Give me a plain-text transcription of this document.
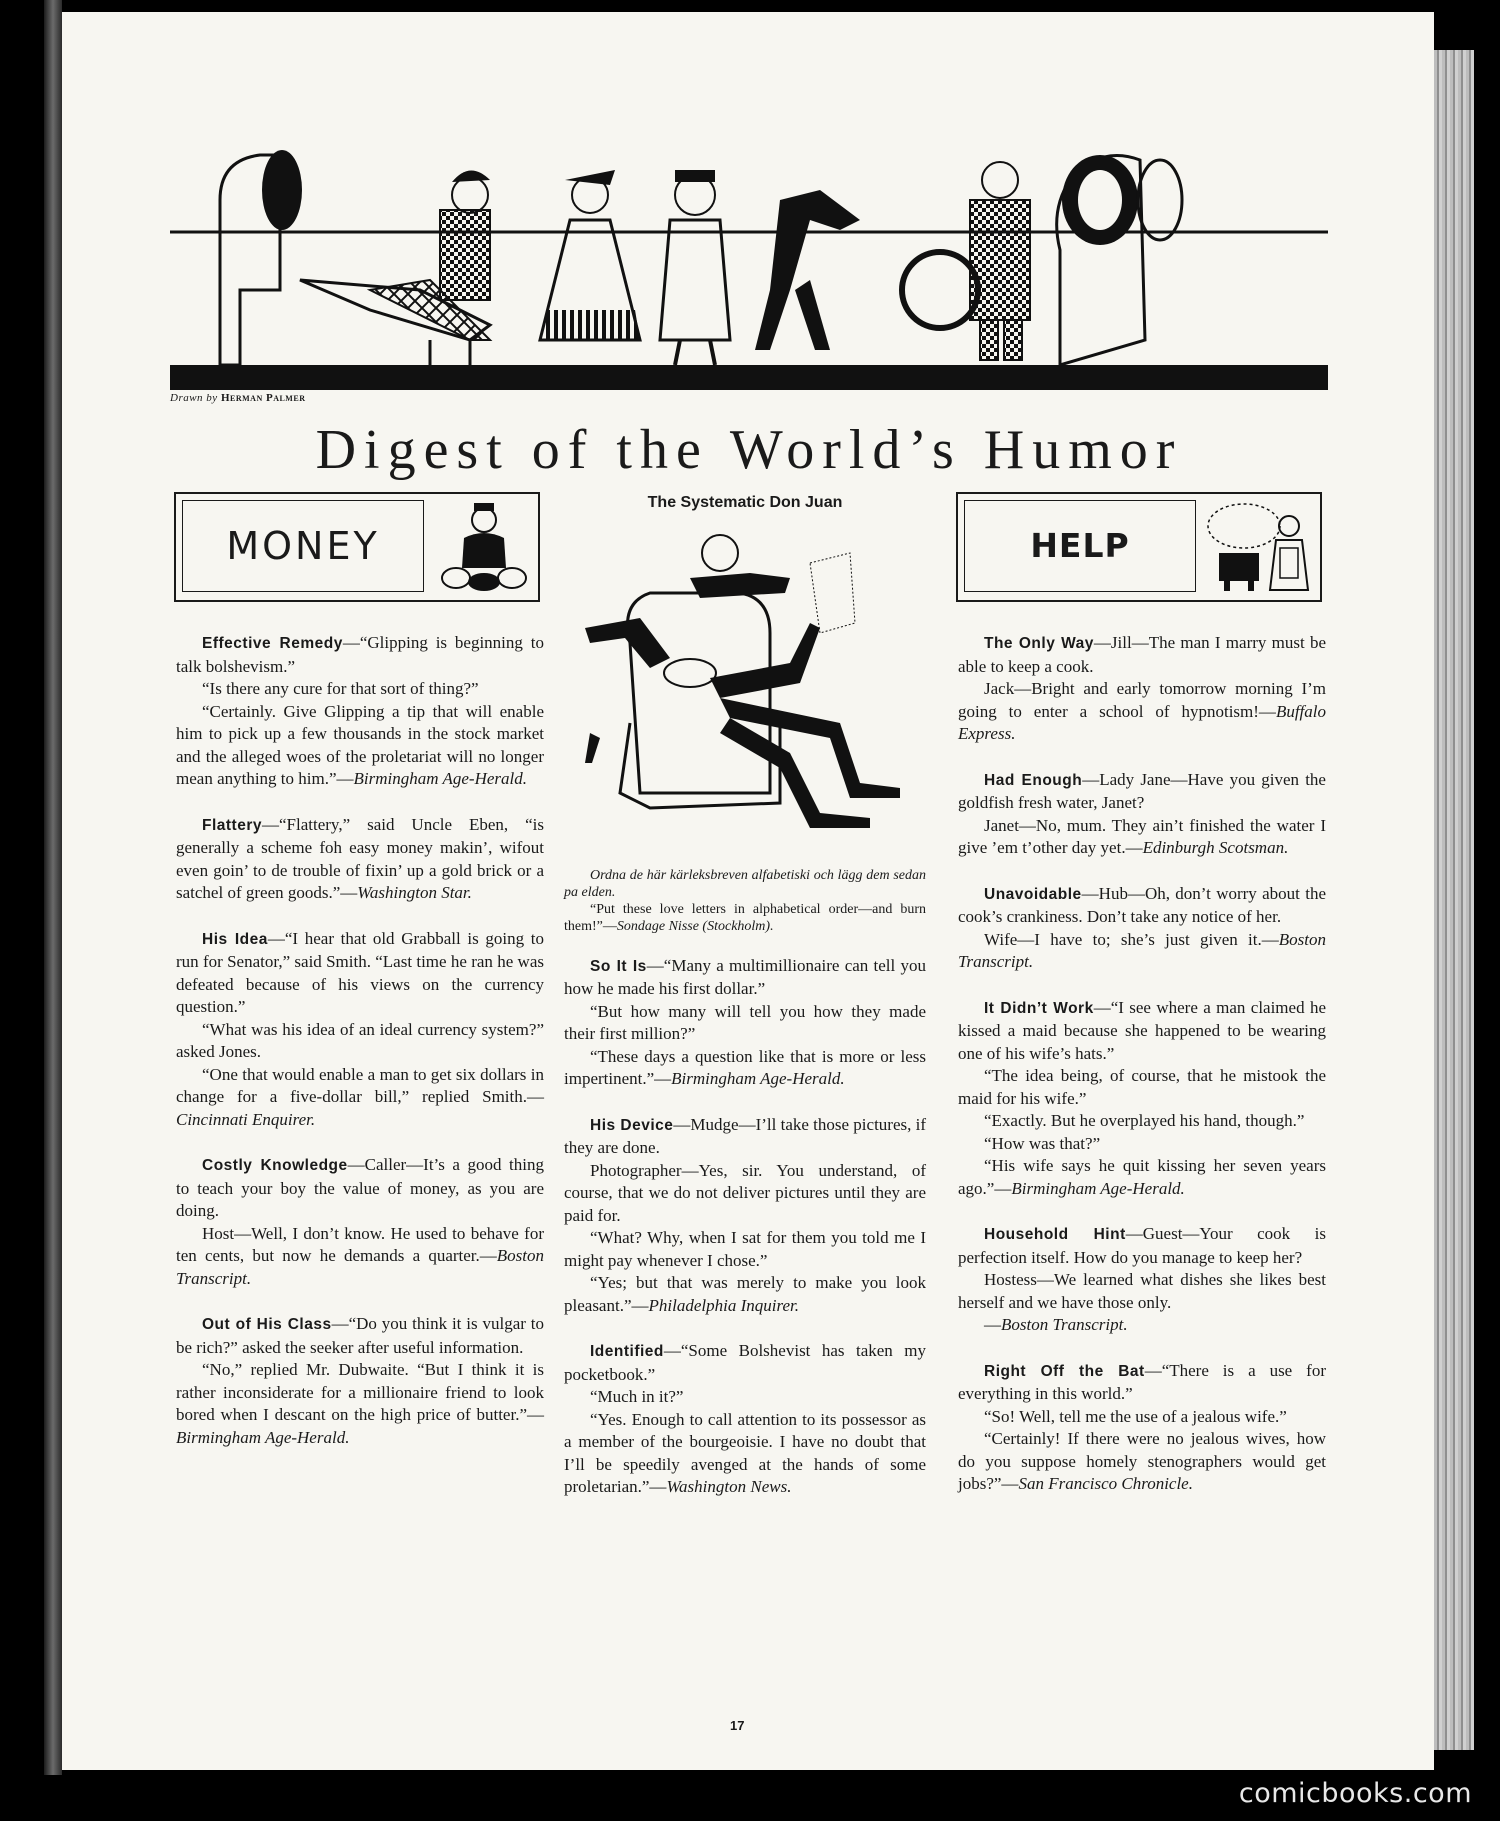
Drawn by Herman Palmer
Digest of the World’s Humor
MONEY

Effective Remedy—“Glipping is beginning to talk bolshevism.”

“Is there any cure for that sort of thing?”

“Certainly. Give Glipping a tip that will enable him to pick up a few thousands in the stock market and the alleged woes of the proletariat will no longer mean anything to him.”—Birmingham Age-Herald.

Flattery—“Flattery,” said Uncle Eben, “is generally a scheme foh easy money makin’, wifout even goin’ to de trouble of fixin’ up a gold brick or a satchel of green goods.”—Washington Star.

His Idea—“I hear that old Grabball is going to run for Senator,” said Smith. “Last time he ran he was defeated because of his views on the currency question.”

“What was his idea of an ideal currency system?” asked Jones.

“One that would enable a man to get six dollars in change for a five-dollar bill,” replied Smith.—Cincinnati Enquirer.

Costly Knowledge—Caller—It’s a good thing to teach your boy the value of money, as you are doing.

Host—Well, I don’t know. He used to behave for ten cents, but now he demands a quarter.—Boston Transcript.

Out of His Class—“Do you think it is vulgar to be rich?” asked the seeker after useful information.

“No,” replied Mr. Dubwaite. “But I think it is rather inconsiderate for a millionaire friend to look bored when I descant on the high price of butter.”—Birmingham Age-Herald.

The Systematic Don Juan

Ordna de här kärleksbreven alfabetiski och lägg dem sedan pa elden.

“Put these love letters in alphabetical order—and burn them!”—Sondage Nisse (Stockholm).

So It Is—“Many a multimillionaire can tell you how he made his first dollar.”

“But how many will tell you how they made their first million?”

“These days a question like that is more or less impertinent.”—Birmingham Age-Herald.

His Device—Mudge—I’ll take those pictures, if they are done.

Photographer—Yes, sir. You understand, of course, that we do not deliver pictures until they are paid for.

“What? Why, when I sat for them you told me I might pay whenever I chose.”

“Yes; but that was merely to make you look pleasant.”—Philadelphia Inquirer.

Identified—“Some Bolshevist has taken my pocketbook.”

“Much in it?”

“Yes. Enough to call attention to its possessor as a member of the bourgeoisie. I have no doubt that I’ll be speedily avenged at the hands of some proletarian.”—Washington News.

HELP

The Only Way—Jill—The man I marry must be able to keep a cook.

Jack—Bright and early tomorrow morning I’m going to enter a school of hypnotism!—Buffalo Express.

Had Enough—Lady Jane—Have you given the goldfish fresh water, Janet?

Janet—No, mum. They ain’t finished the water I give ’em t’other day yet.—Edinburgh Scotsman.

Unavoidable—Hub—Oh, don’t worry about the cook’s crankiness. Don’t take any notice of her.

Wife—I have to; she’s just given it.—Boston Transcript.

It Didn’t Work—“I see where a man claimed he kissed a maid because she happened to be wearing one of his wife’s hats.”

“The idea being, of course, that he mistook the maid for his wife.”

“Exactly. But he overplayed his hand, though.”

“How was that?”

“His wife says he quit kissing her seven years ago.”—Birmingham Age-Herald.

Household Hint—Guest—Your cook is perfection itself. How do you manage to keep her?

Hostess—We learned what dishes she likes best herself and we have those only.

—Boston Transcript.

Right Off the Bat—“There is a use for everything in this world.”

“So! Well, tell me the use of a jealous wife.”

“Certainly! If there were no jealous wives, how do you suppose homely stenographers would get jobs?”—San Francisco Chronicle.

17
comicbooks.com
